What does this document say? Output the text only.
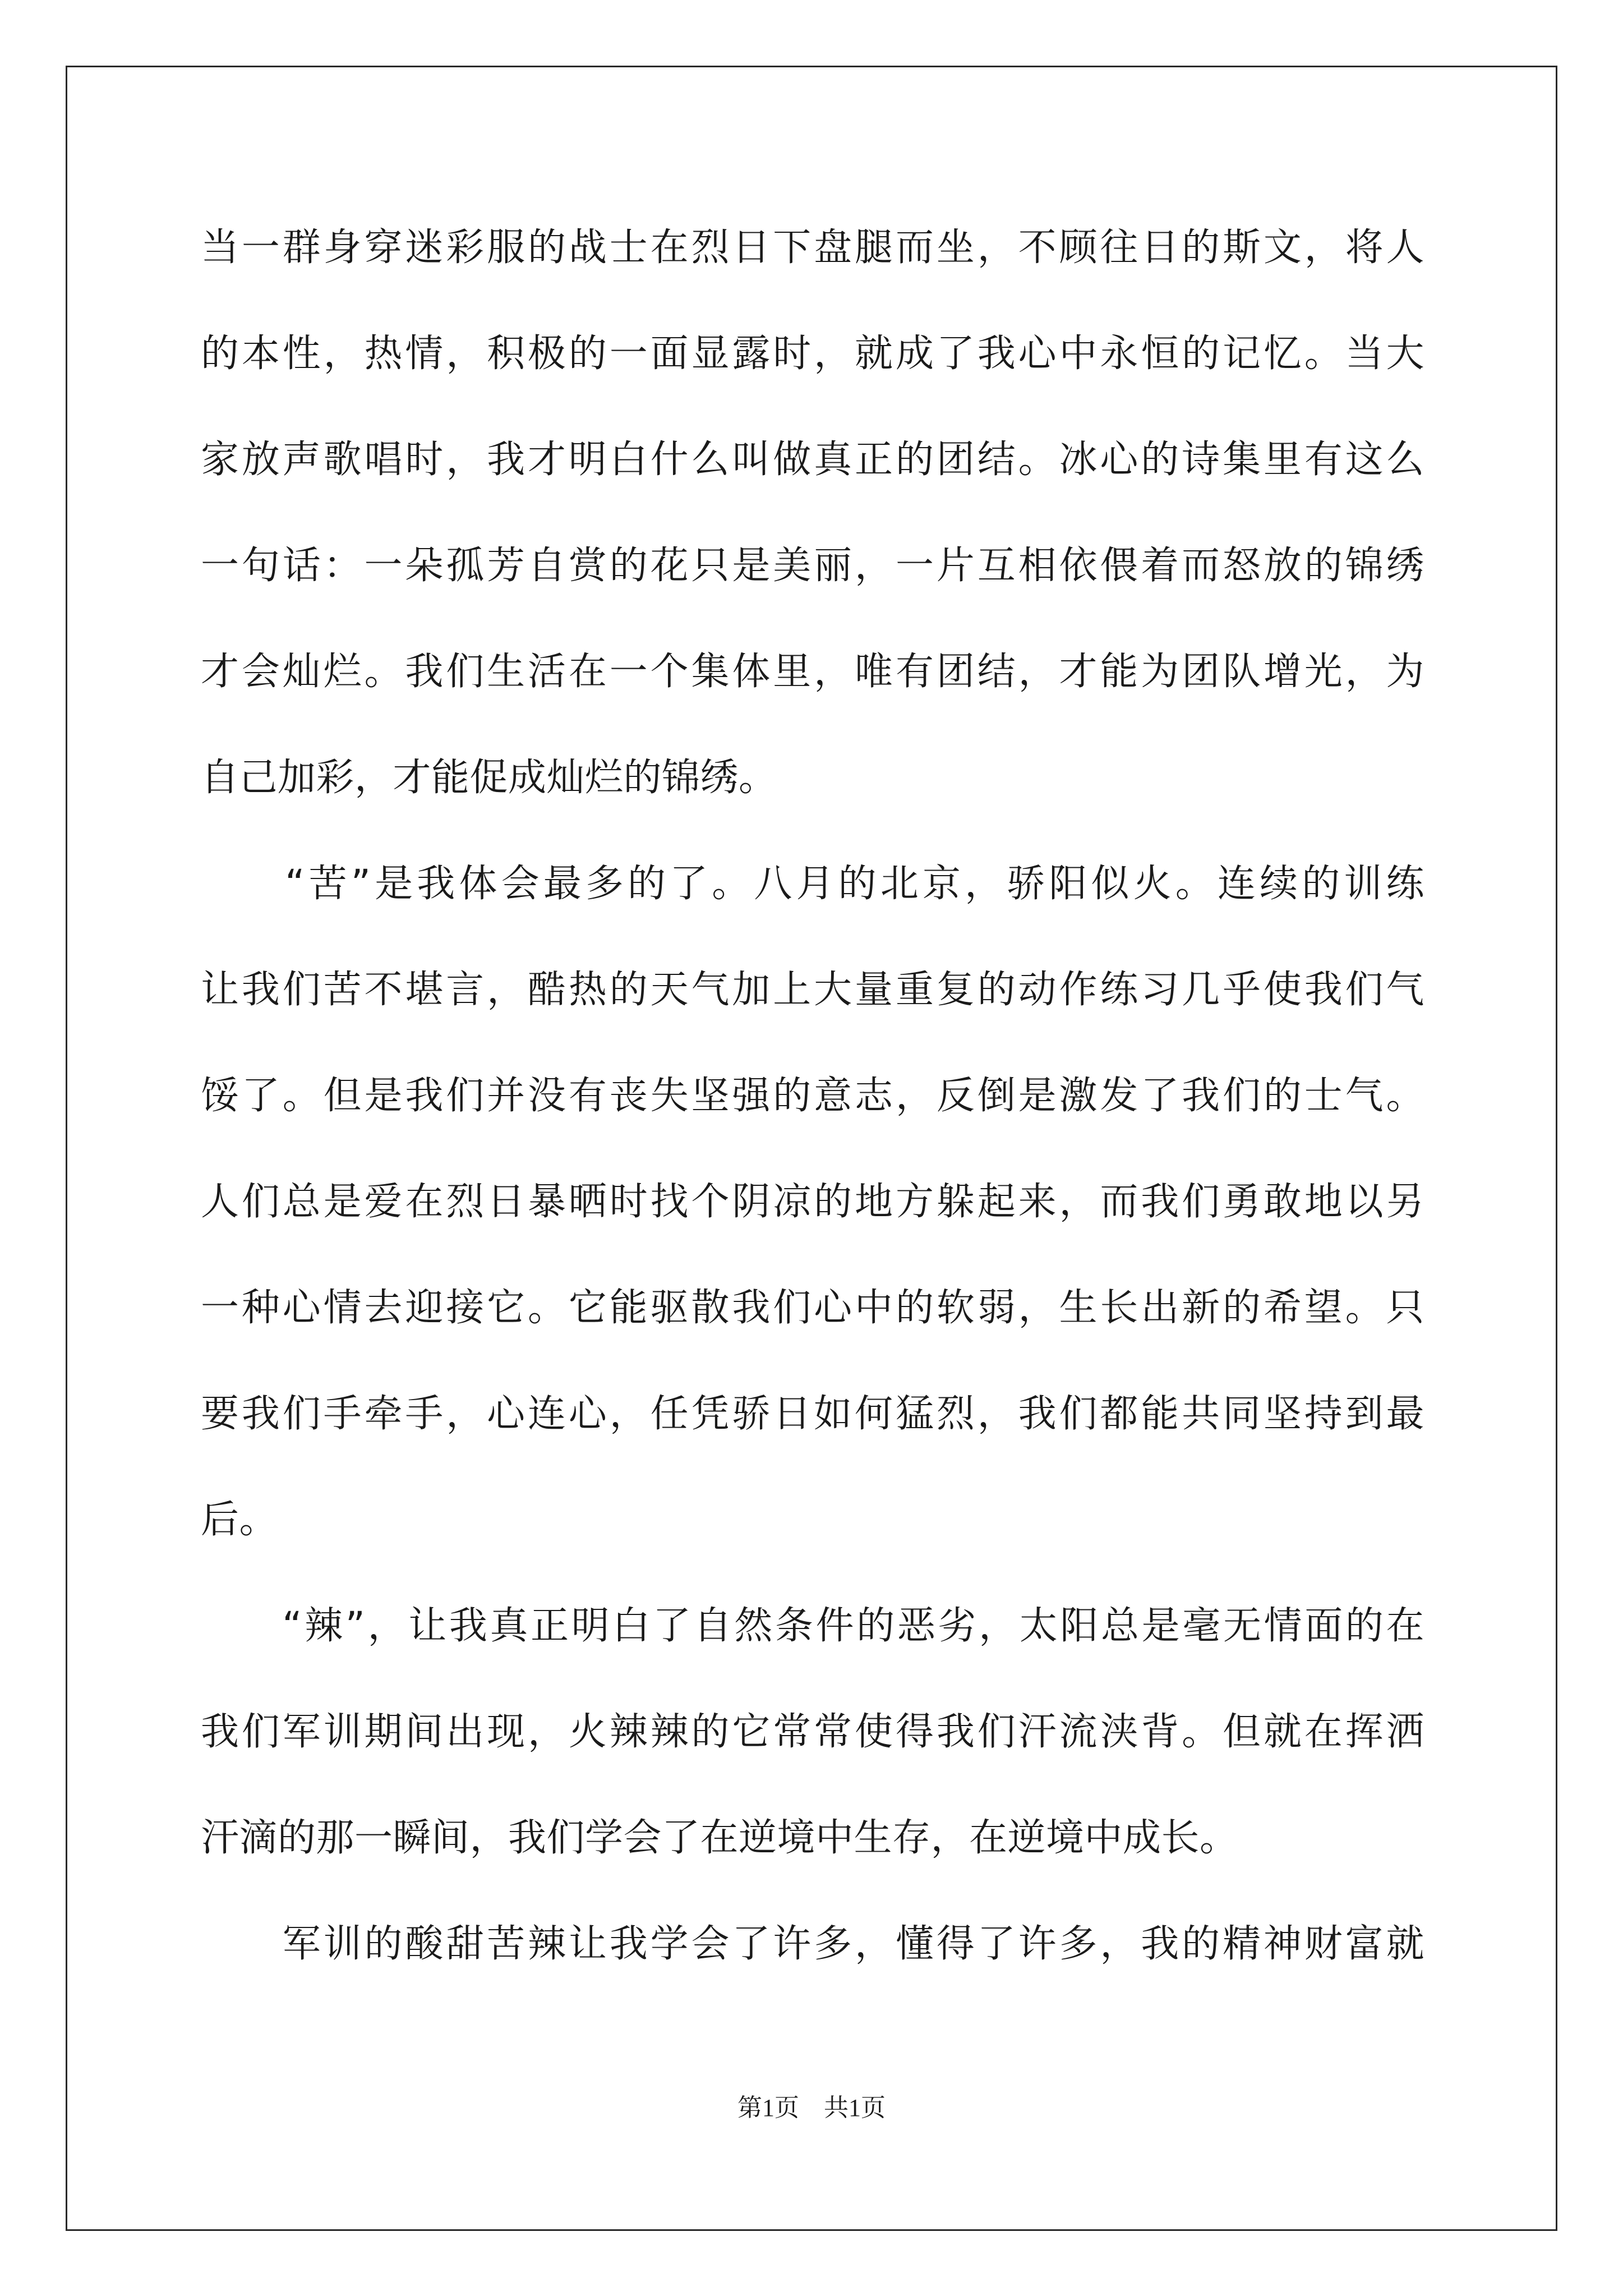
当一群身穿迷彩服的战士在烈日下盘腿而坐，不顾往日的斯文，将人
的本性，热情，积极的一面显露时，就成了我心中永恒的记忆。当大
家放声歌唱时，我才明白什么叫做真正的团结。冰心的诗集里有这么
一句话：一朵孤芳自赏的花只是美丽，一片互相依偎着而怒放的锦绣
才会灿烂。我们生活在一个集体里，唯有团结，才能为团队增光，为
自己加彩，才能促成灿烂的锦绣。
　　“苦”是我体会最多的了。八月的北京，骄阳似火。连续的训练
让我们苦不堪言，酷热的天气加上大量重复的动作练习几乎使我们气
馁了。但是我们并没有丧失坚强的意志，反倒是激发了我们的士气。
人们总是爱在烈日暴晒时找个阴凉的地方躲起来，而我们勇敢地以另
一种心情去迎接它。它能驱散我们心中的软弱，生长出新的希望。只
要我们手牵手，心连心，任凭骄日如何猛烈，我们都能共同坚持到最
后。
　　“辣”，让我真正明白了自然条件的恶劣，太阳总是毫无情面的在
我们军训期间出现，火辣辣的它常常使得我们汗流浃背。但就在挥洒
汗滴的那一瞬间，我们学会了在逆境中生存，在逆境中成长。
　　军训的酸甜苦辣让我学会了许多，懂得了许多，我的精神财富就
第1页　共1页
